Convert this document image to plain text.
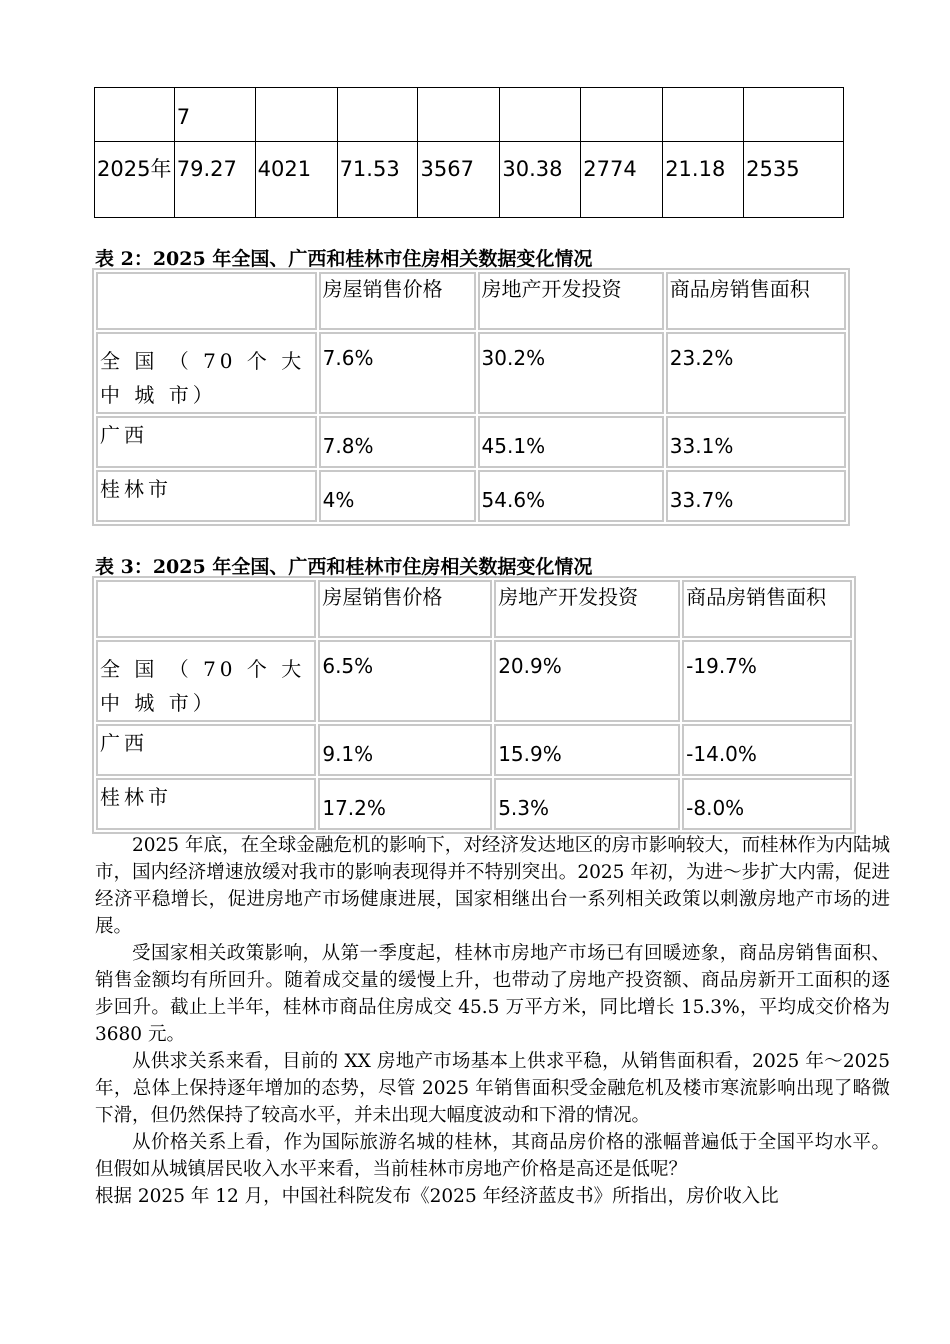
	7							
2025年	79.27	4021	71.53	3567	30.38	2774	21.18	2535
表 2：2025 年全国、广西和桂林市住房相关数据变化情况
	房屋销售价格	房地产开发投资	商品房销售面积
全 国 （ 70 个 大 中 城 市）	7.6%	30.2%	23.2%
广西	7.8%	45.1%	33.1%
桂林市	4%	54.6%	33.7%
表 3：2025 年全国、广西和桂林市住房相关数据变化情况
	房屋销售价格	房地产开发投资	商品房销售面积
全 国 （ 70 个 大 中 城 市）	6.5%	20.9%	-19.7%
广西	9.1%	15.9%	-14.0%
桂林市	17.2%	5.3%	-8.0%

2025 年底，在全球金融危机的影响下，对经济发达地区的房市影响较大，而桂林作为内陆城市，国内经济增速放缓对我市的影响表现得并不特别突出。2025 年初，为进～步扩大内需，促进经济平稳增长，促进房地产市场健康进展，国家相继出台一系列相关政策以刺激房地产市场的进展。

受国家相关政策影响，从第一季度起，桂林市房地产市场已有回暖迹象，商品房销售面积、销售金额均有所回升。随着成交量的缓慢上升，也带动了房地产投资额、商品房新开工面积的逐步回升。截止上半年，桂林市商品住房成交 45.5 万平方米，同比增长 15.3%，平均成交价格为 3680 元。

从供求关系来看，目前的 XX 房地产市场基本上供求平稳，从销售面积看，2025 年～2025 年，总体上保持逐年增加的态势，尽管 2025 年销售面积受金融危机及楼市寒流影响出现了略微下滑，但仍然保持了较高水平，并未出现大幅度波动和下滑的情况。

从价格关系上看，作为国际旅游名城的桂林，其商品房价格的涨幅普遍低于全国平均水平。但假如从城镇居民收入水平来看，当前桂林市房地产价格是高还是低呢？

根据 2025 年 12 月，中国社科院发布《2025 年经济蓝皮书》所指出，房价收入比
